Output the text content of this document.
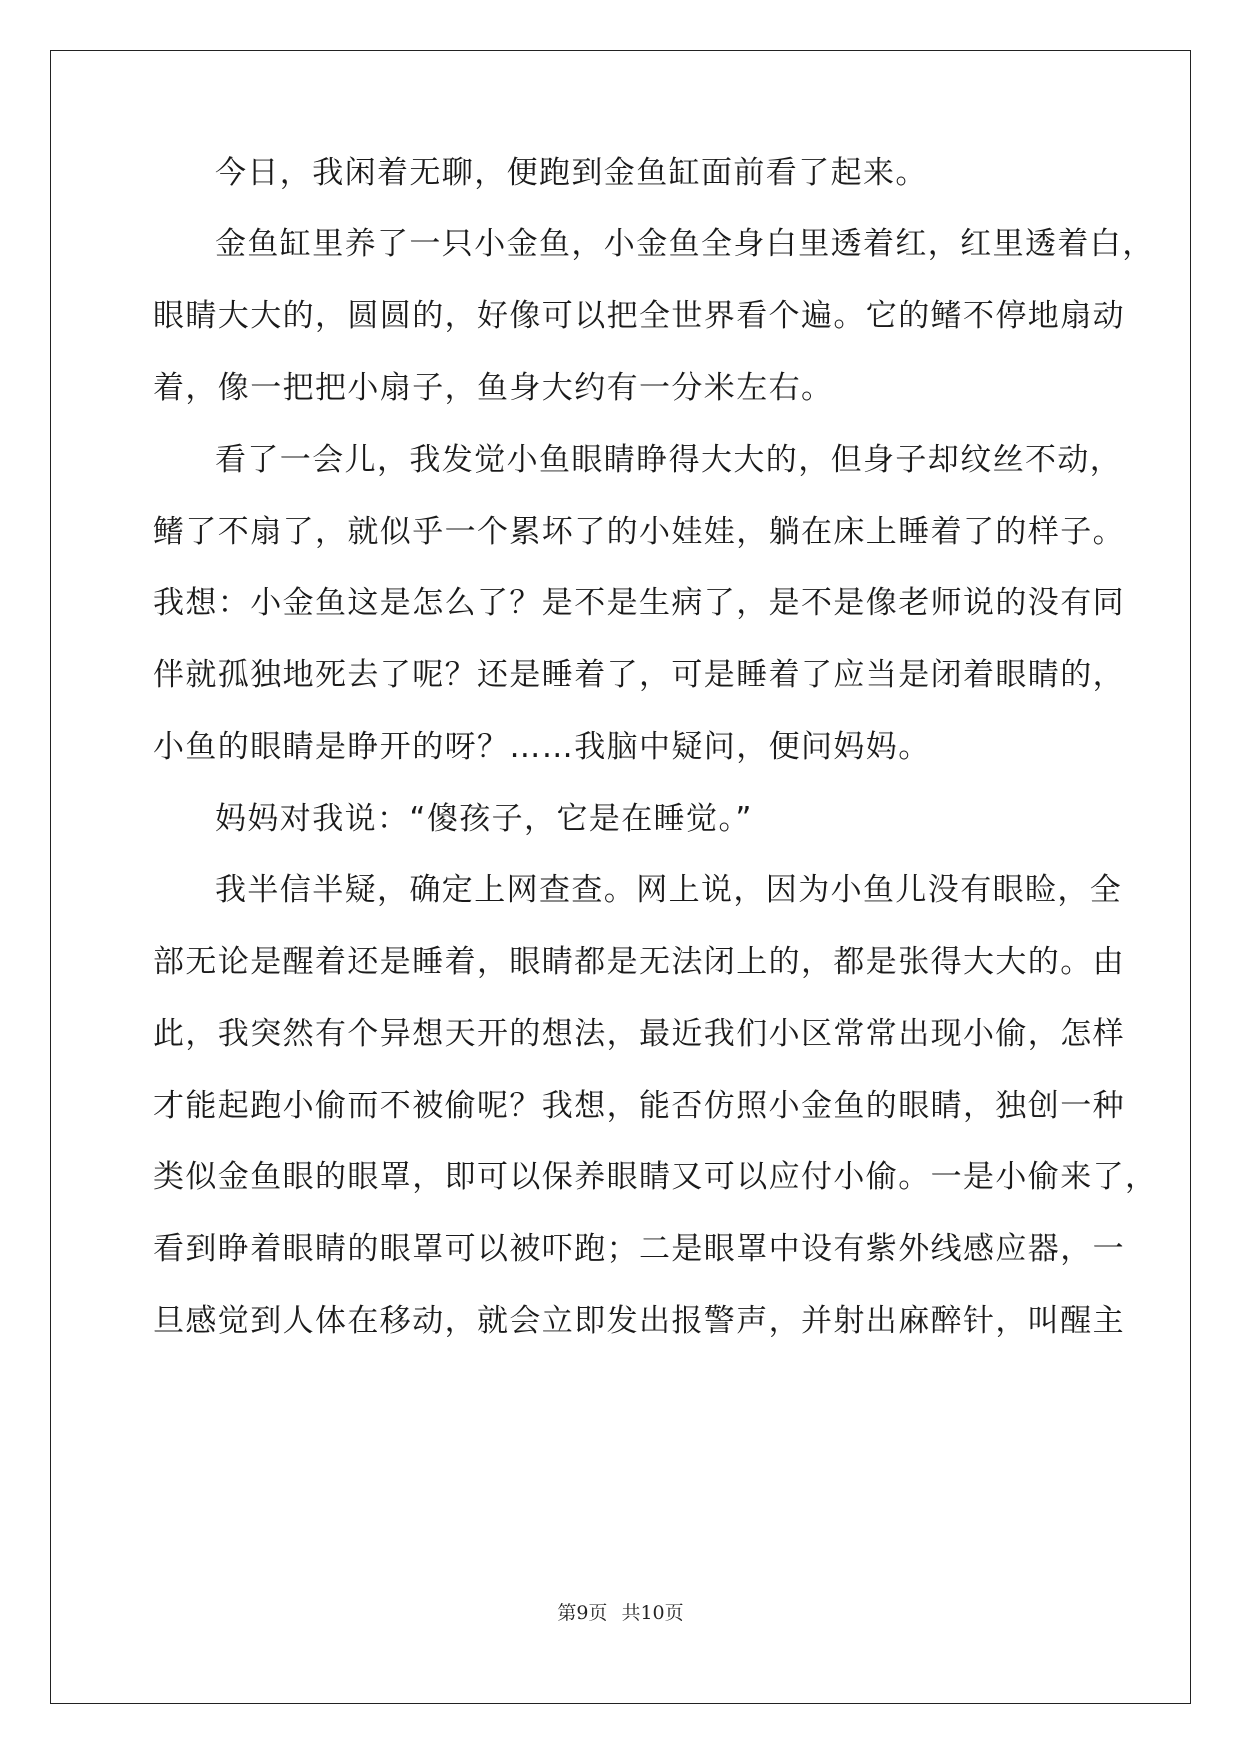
今日，我闲着无聊，便跑到金鱼缸面前看了起来。
金鱼缸里养了一只小金鱼，小金鱼全身白里透着红，红里透着白，
眼睛大大的，圆圆的，好像可以把全世界看个遍。它的鳍不停地扇动
着，像一把把小扇子，鱼身大约有一分米左右。
看了一会儿，我发觉小鱼眼睛睁得大大的，但身子却纹丝不动，
鳍了不扇了，就似乎一个累坏了的小娃娃，躺在床上睡着了的样子。
我想：小金鱼这是怎么了？是不是生病了，是不是像老师说的没有同
伴就孤独地死去了呢？还是睡着了，可是睡着了应当是闭着眼睛的，
小鱼的眼睛是睁开的呀？……我脑中疑问，便问妈妈。
妈妈对我说：“傻孩子，它是在睡觉。”
我半信半疑，确定上网查查。网上说，因为小鱼儿没有眼睑，全
部无论是醒着还是睡着，眼睛都是无法闭上的，都是张得大大的。由
此，我突然有个异想天开的想法，最近我们小区常常出现小偷，怎样
才能起跑小偷而不被偷呢？我想，能否仿照小金鱼的眼睛，独创一种
类似金鱼眼的眼罩，即可以保养眼睛又可以应付小偷。一是小偷来了，
看到睁着眼睛的眼罩可以被吓跑；二是眼罩中设有紫外线感应器，一
旦感觉到人体在移动，就会立即发出报警声，并射出麻醉针，叫醒主
第9页 共10页
